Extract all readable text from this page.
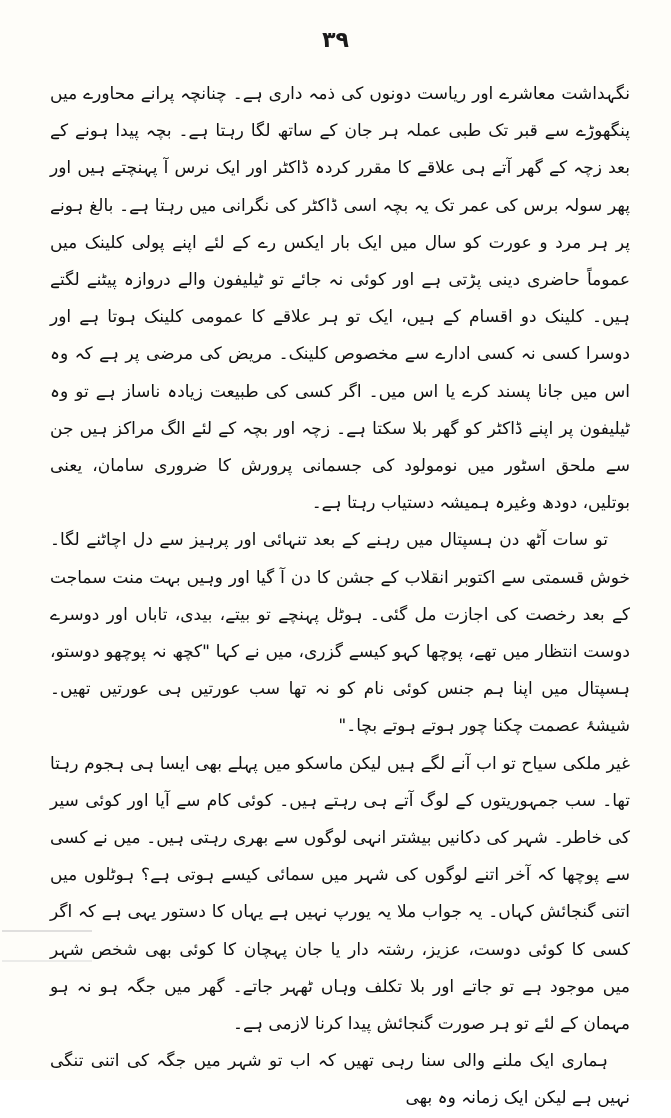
۳۹

نگہداشت معاشرے اور ریاست دونوں کی ذمہ داری ہے۔ چنانچہ پرانے محاورے میں پنگھوڑے سے قبر تک طبی عملہ ہر جان کے ساتھ لگا رہتا ہے۔ بچہ پیدا ہونے کے بعد زچہ کے گھر آتے ہی علاقے کا مقرر کردہ ڈاکٹر اور ایک نرس آ پہنچتے ہیں اور پھر سولہ برس کی عمر تک یہ بچہ اسی ڈاکٹر کی نگرانی میں رہتا ہے۔ بالغ ہونے پر ہر مرد و عورت کو سال میں ایک بار ایکس رے کے لئے اپنے پولی کلینک میں عموماً حاضری دینی پڑتی ہے اور کوئی نہ جائے تو ٹیلیفون والے دروازہ پیٹنے لگتے ہیں۔ کلینک دو اقسام کے ہیں، ایک تو ہر علاقے کا عمومی کلینک ہوتا ہے اور دوسرا کسی نہ کسی ادارے سے مخصوص کلینک۔ مریض کی مرضی پر ہے کہ وہ اس میں جانا پسند کرے یا اس میں۔ اگر کسی کی طبیعت زیادہ ناساز ہے تو وہ ٹیلیفون پر اپنے ڈاکٹر کو گھر بلا سکتا ہے۔ زچہ اور بچہ کے لئے الگ مراکز ہیں جن سے ملحق اسٹور میں نومولود کی جسمانی پرورش کا ضروری سامان، یعنی بوتلیں، دودھ وغیرہ ہمیشہ دستیاب رہتا ہے۔

تو سات آٹھ دن ہسپتال میں رہنے کے بعد تنہائی اور پرہیز سے دل اچاٹنے لگا۔ خوش قسمتی سے اکتوبر انقلاب کے جشن کا دن آ گیا اور وہیں بہت منت سماجت کے بعد رخصت کی اجازت مل گئی۔ ہوٹل پہنچے تو بیتے، بیدی، تاباں اور دوسرے دوست انتظار میں تھے، پوچھا کہو کیسے گزری، میں نے کہا "کچھ نہ پوچھو دوستو، ہسپتال میں اپنا ہم جنس کوئی نام کو نہ تھا سب عورتیں ہی عورتیں تھیں۔ شیشۂ عصمت چکنا چور ہوتے ہوتے بچا۔"

غیر ملکی سیاح تو اب آنے لگے ہیں لیکن ماسکو میں پہلے بھی ایسا ہی ہجوم رہتا تھا۔ سب جمہوریتوں کے لوگ آتے ہی رہتے ہیں۔ کوئی کام سے آیا اور کوئی سیر کی خاطر۔ شہر کی دکانیں بیشتر انہی لوگوں سے بھری رہتی ہیں۔ میں نے کسی سے پوچھا کہ آخر اتنے لوگوں کی شہر میں سمائی کیسے ہوتی ہے؟ ہوٹلوں میں اتنی گنجائش کہاں۔ یہ جواب ملا یہ یورپ نہیں ہے یہاں کا دستور یہی ہے کہ اگر کسی کا کوئی دوست، عزیز، رشتہ دار یا جان پہچان کا کوئی بھی شخص شہر میں موجود ہے تو جاتے اور بلا تکلف وہاں ٹھہر جاتے۔ گھر میں جگہ ہو نہ ہو مہمان کے لئے تو ہر صورت گنجائش پیدا کرنا لازمی ہے۔

ہماری ایک ملنے والی سنا رہی تھیں کہ اب تو شہر میں جگہ کی اتنی تنگی نہیں ہے لیکن ایک زمانہ وہ بھی
